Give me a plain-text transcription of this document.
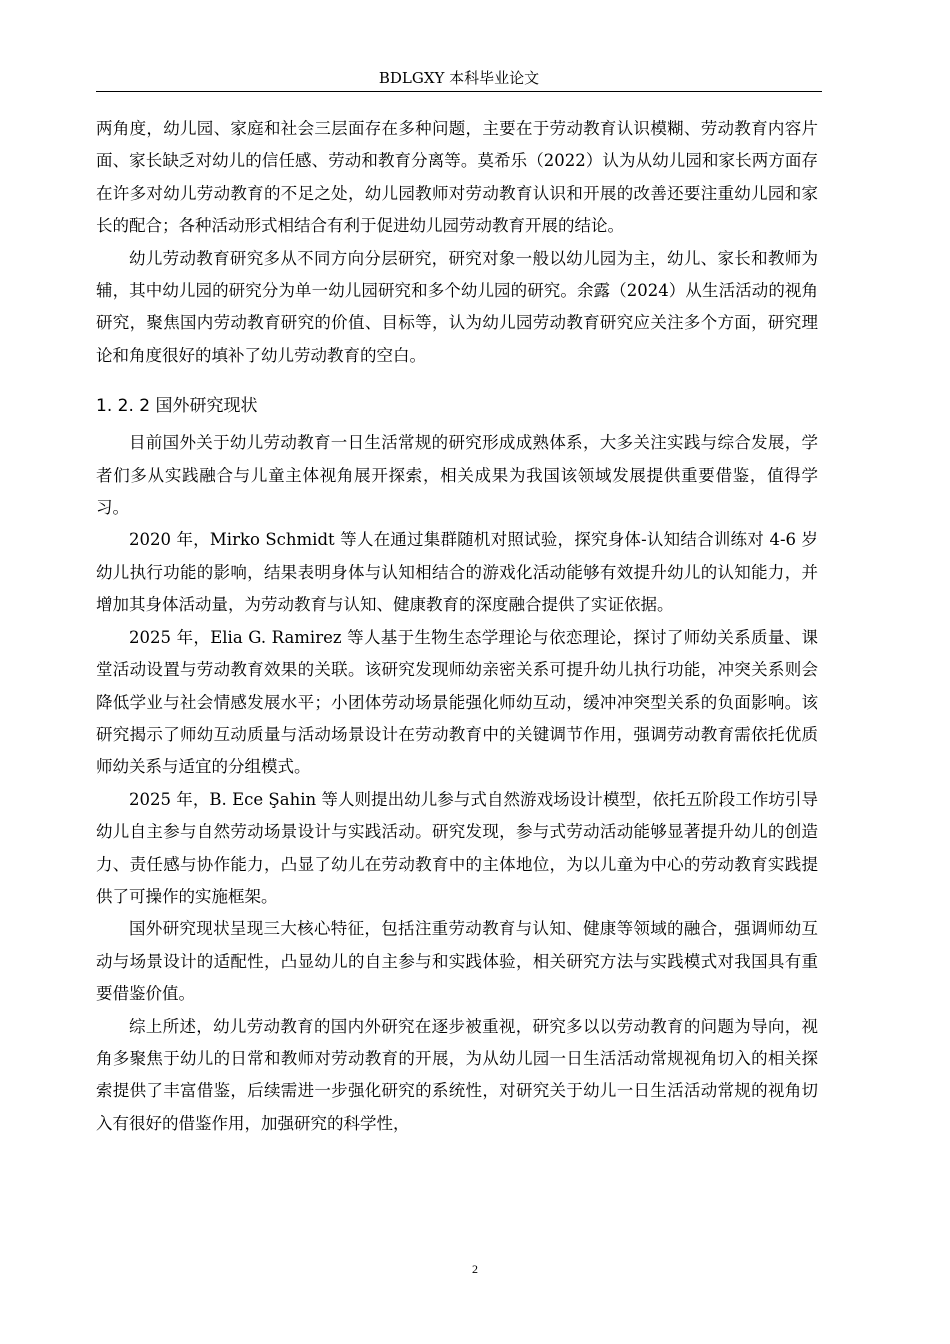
BDLGXY 本科毕业论文

两角度，幼儿园、家庭和社会三层面存在多种问题，主要在于劳动教育认识模糊、劳动教育内容片面、家长缺乏对幼儿的信任感、劳动和教育分离等。莫希乐（2022）认为从幼儿园和家长两方面存在许多对幼儿劳动教育的不足之处，幼儿园教师对劳动教育认识和开展的改善还要注重幼儿园和家长的配合；各种活动形式相结合有利于促进幼儿园劳动教育开展的结论。

幼儿劳动教育研究多从不同方向分层研究，研究对象一般以幼儿园为主，幼儿、家长和教师为辅，其中幼儿园的研究分为单一幼儿园研究和多个幼儿园的研究。余露（2024）从生活活动的视角研究，聚焦国内劳动教育研究的价值、目标等，认为幼儿园劳动教育研究应关注多个方面，研究理论和角度很好的填补了幼儿劳动教育的空白。

1. 2. 2 国外研究现状

目前国外关于幼儿劳动教育一日生活常规的研究形成成熟体系，大多关注实践与综合发展，学者们多从实践融合与儿童主体视角展开探索，相关成果为我国该领域发展提供重要借鉴，值得学习。

2020 年，Mirko Schmidt 等人在通过集群随机对照试验，探究身体-认知结合训练对 4-6 岁幼儿执行功能的影响，结果表明身体与认知相结合的游戏化活动能够有效提升幼儿的认知能力，并增加其身体活动量，为劳动教育与认知、健康教育的深度融合提供了实证依据。

2025 年，Elia G. Ramirez 等人基于生物生态学理论与依恋理论，探讨了师幼关系质量、课堂活动设置与劳动教育效果的关联。该研究发现师幼亲密关系可提升幼儿执行功能，冲突关系则会降低学业与社会情感发展水平；小团体劳动场景能强化师幼互动，缓冲冲突型关系的负面影响。该研究揭示了师幼互动质量与活动场景设计在劳动教育中的关键调节作用，强调劳动教育需依托优质师幼关系与适宜的分组模式。

2025 年，B. Ece Şahin 等人则提出幼儿参与式自然游戏场设计模型，依托五阶段工作坊引导幼儿自主参与自然劳动场景设计与实践活动。研究发现，参与式劳动活动能够显著提升幼儿的创造力、责任感与协作能力，凸显了幼儿在劳动教育中的主体地位，为以儿童为中心的劳动教育实践提供了可操作的实施框架。

国外研究现状呈现三大核心特征，包括注重劳动教育与认知、健康等领域的融合，强调师幼互动与场景设计的适配性，凸显幼儿的自主参与和实践体验，相关研究方法与实践模式对我国具有重要借鉴价值。

综上所述，幼儿劳动教育的国内外研究在逐步被重视，研究多以以劳动教育的问题为导向，视角多聚焦于幼儿的日常和教师对劳动教育的开展，为从幼儿园一日生活活动常规视角切入的相关探索提供了丰富借鉴，后续需进一步强化研究的系统性，对研究关于幼儿一日生活活动常规的视角切入有很好的借鉴作用，加强研究的科学性，

2
